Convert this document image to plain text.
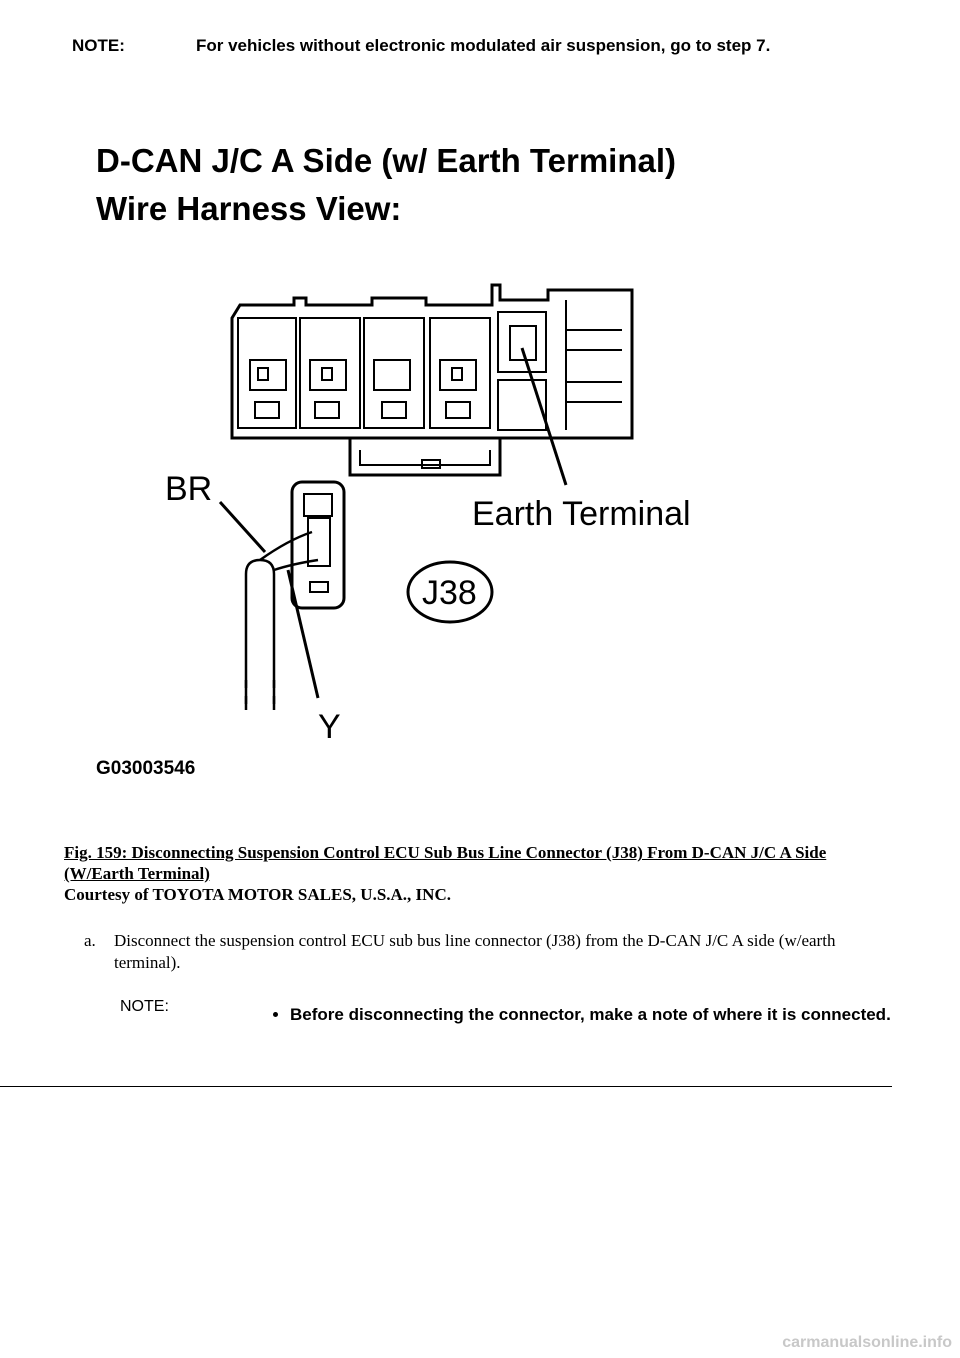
NOTE:	For vehicles without electronic modulated air suspension, go to step 7.
D-CAN J/C A Side (w/ Earth Terminal)
Wire Harness View:
Earth Terminal
BR
Y
J38
G03003546
Fig. 159: Disconnecting Suspension Control ECU Sub Bus Line Connector (J38) From D-CAN J/C A Side (W/Earth Terminal)
Courtesy of TOYOTA MOTOR SALES, U.S.A., INC.
a. Disconnect the suspension control ECU sub bus line connector (J38) from the D-CAN J/C A side (w/earth terminal).
NOTE:
•	Before disconnecting the connector, make a note of where it is connected.
carmanualsonline.info
